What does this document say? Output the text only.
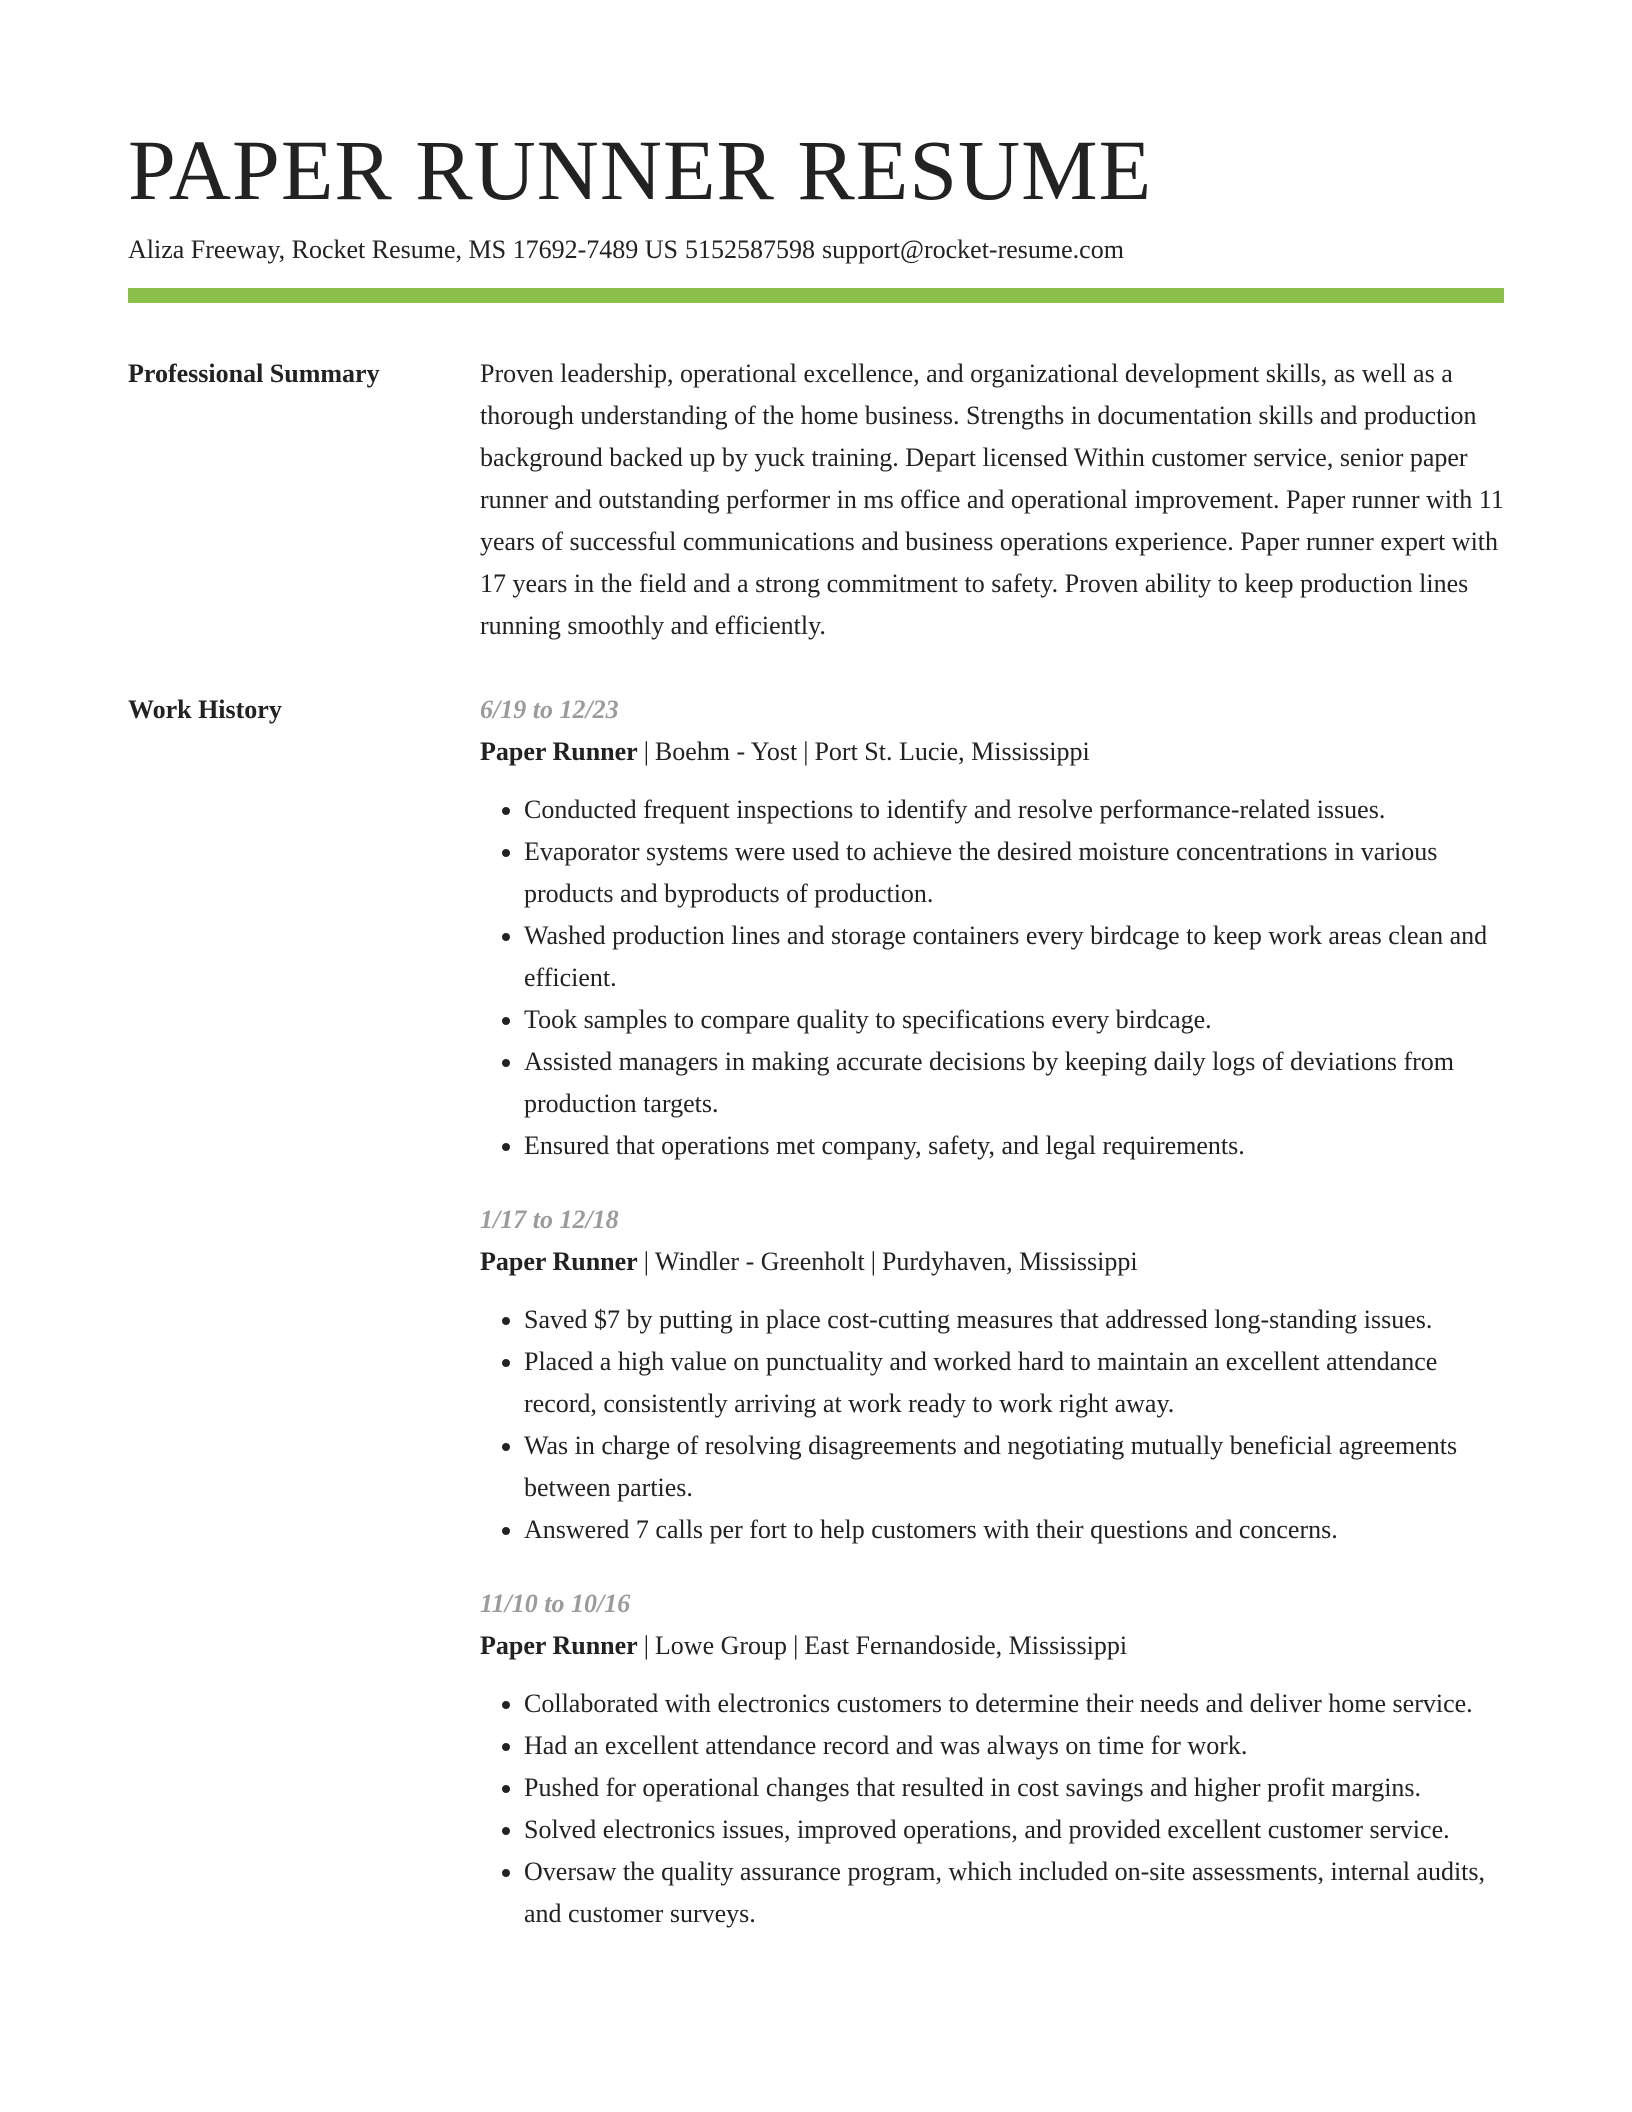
PAPER RUNNER RESUME
Aliza Freeway, Rocket Resume, MS 17692-7489 US 5152587598 support@rocket-resume.com
Professional Summary	Proven leadership, operational excellence, and organizational development skills, as well as a thorough understanding of the home business. Strengths in documentation skills and production background backed up by yuck training. Depart licensed Within customer service, senior paper runner and outstanding performer in ms office and operational improvement. Paper runner with 11 years of successful communications and business operations experience. Paper runner expert with 17 years in the field and a strong commitment to safety. Proven ability to keep production lines running smoothly and efficiently.

Work History	6/19 to 12/23
Paper Runner | Boehm - Yost | Port St. Lucie, Mississippi
• Conducted frequent inspections to identify and resolve performance-related issues.
• Evaporator systems were used to achieve the desired moisture concentrations in various products and byproducts of production.
• Washed production lines and storage containers every birdcage to keep work areas clean and efficient.
• Took samples to compare quality to specifications every birdcage.
• Assisted managers in making accurate decisions by keeping daily logs of deviations from production targets.
• Ensured that operations met company, safety, and legal requirements.
1/17 to 12/18
Paper Runner | Windler - Greenholt | Purdyhaven, Mississippi
• Saved $7 by putting in place cost-cutting measures that addressed long-standing issues.
• Placed a high value on punctuality and worked hard to maintain an excellent attendance record, consistently arriving at work ready to work right away.
• Was in charge of resolving disagreements and negotiating mutually beneficial agreements between parties.
• Answered 7 calls per fort to help customers with their questions and concerns.
11/10 to 10/16
Paper Runner | Lowe Group | East Fernandoside, Mississippi
• Collaborated with electronics customers to determine their needs and deliver home service.
• Had an excellent attendance record and was always on time for work.
• Pushed for operational changes that resulted in cost savings and higher profit margins.
• Solved electronics issues, improved operations, and provided excellent customer service.
• Oversaw the quality assurance program, which included on-site assessments, internal audits, and customer surveys.
